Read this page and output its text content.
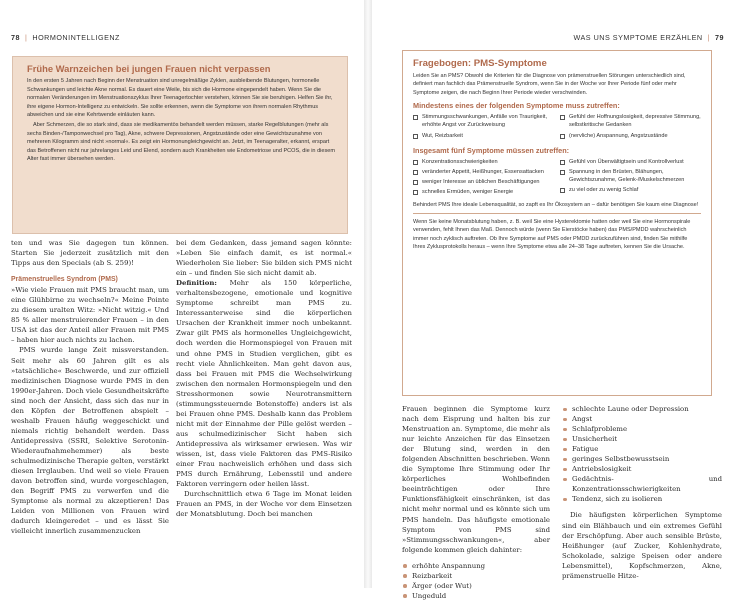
78 | HORMONINTELLIGENZ
Frühe Warnzeichen bei jungen Frauen nicht verpassen

In den ersten 5 Jahren nach Beginn der Menstruation sind unregelmäßige Zyklen, ausbleibende Blutungen, hormonelle Schwankungen und leichte Akne normal. Es dauert eine Weile, bis sich die Hormone eingependelt haben. Wenn Sie die normalen Veränderungen im Menstruationszyklus Ihrer Teenagertochter verstehen, können Sie sie beruhigen. Helfen Sie ihr, ihre eigene Hormon-Intelligenz zu entwickeln. Sie sollte erkennen, wenn die Symptome von ihrem normalen Rhythmus abweichen und sie eine Kehrtwende einläuten kann.

Aber Schmerzen, die so stark sind, dass sie medikamentös behandelt werden müssen, starke Regelblutungen (mehr als sechs Binden-/Tamponwechsel pro Tag), Akne, schwere Depressionen, Angstzustände oder eine Gewichtszunahme von mehreren Kilogramm sind nicht »normal«. Es zeigt ein Hormonungleichgewicht an. Jetzt, im Teenageralter, erkannt, erspart das Betroffenen nicht nur jahrelanges Leid und Elend, sondern auch Krankheiten wie Endometriose und PCOS, die in diesem Alter fast immer übersehen werden.

ten und was Sie dagegen tun können. Starten Sie jederzeit zusätzlich mit den Tipps aus den Specials (ab S. 259)!

Prämenstruelles Syndrom (PMS)

»Wie viele Frauen mit PMS braucht man, um eine Glühbirne zu wechseln?« Meine Pointe zu diesem uralten Witz: »Nicht witzig.« Und 85 % aller menstruierender Frauen – in den USA ist das der Anteil aller Frauen mit PMS – haben hier auch nichts zu lachen.

PMS wurde lange Zeit missverstanden. Seit mehr als 60 Jahren gilt es als »tatsächliche« Beschwerde, und zur offiziell medizinischen Diagnose wurde PMS in den 1990er-Jahren. Doch viele Gesundheitskräfte sind noch der Ansicht, dass sich das nur in den Köpfen der Betroffenen abspielt – weshalb Frauen häufig weggeschickt und niemals richtig behandelt werden. Dass Antidepressiva (SSRI, Selektive Serotonin-Wiederaufnahmehemmer) als beste schulmedizinische Therapie gelten, verstärkt diesen Irrglauben. Und weil so viele Frauen davon betroffen sind, wurde vorgeschlagen, den Begriff PMS zu verwerfen und die Symptome als normal zu akzeptieren! Das Leiden von Millionen von Frauen wird dadurch kleingeredet – und es lässt Sie vielleicht innerlich zusammenzucken

bei dem Gedanken, dass jemand sagen könnte: »Leben Sie einfach damit, es ist normal.« Wiederholen Sie lieber: Sie bilden sich PMS nicht ein – und finden Sie sich nicht damit ab.

Definition: Mehr als 150 körperliche, verhaltensbezogene, emotionale und kognitive Symptome schreibt man PMS zu. Interessanterweise sind die körperlichen Ursachen der Krankheit immer noch unbekannt. Zwar gilt PMS als hormonelles Ungleichgewicht, doch werden die Hormonspiegel von Frauen mit und ohne PMS in Studien verglichen, gibt es recht viele Ähnlichkeiten. Man geht davon aus, dass bei Frauen mit PMS die Wechselwirkung zwischen den normalen Hormonspiegeln und den Stresshormonen sowie Neurotransmittern (stimmungssteuernde Botenstoffe) anders ist als bei Frauen ohne PMS. Deshalb kann das Problem nicht mit der Einnahme der Pille gelöst werden – aus schulmedizinischer Sicht haben sich Antidepressiva als wirksamer erwiesen. Was wir wissen, ist, dass viele Faktoren das PMS-Risiko einer Frau nachweislich erhöhen und dass sich PMS durch Ernährung, Lebensstil und andere Faktoren verringern oder heilen lässt.

Durchschnittlich etwa 6 Tage im Monat leiden Frauen an PMS, in der Woche vor dem Einsetzen der Monatsblutung. Doch bei manchen

WAS UNS SYMPTOME ERZÄHLEN | 79
Fragebogen: PMS-Symptome
Leiden Sie an PMS? Obwohl die Kriterien für die Diagnose von prämenstruellen Störungen unterschiedlich sind, definiert man fachlich das Prämenstruelle Syndrom, wenn Sie in der Woche vor Ihrer Periode fünf oder mehr Symptome zeigen, die nach Beginn Ihrer Periode wieder verschwinden.
Mindestens eines der folgenden Symptome muss zutreffen:
Stimmungsschwankungen, Anfälle von Traurigkeit, erhöhte Angst vor Zurückweisung
Wut, Reizbarkeit
Gefühl der Hoffnungslosigkeit, depressive Stimmung, selbstkritische Gedanken
(nervliche) Anspannung, Angstzustände
Insgesamt fünf Symptome müssen zutreffen:
Konzentrationsschwierigkeiten
veränderter Appetit, Heißhunger, Essensattacken
weniger Interesse an üblichen Beschäftigungen
schnelles Ermüden, weniger Energie
Gefühl von Überwältigtsein und Kontrollverlust
Spannung in den Brüsten, Blähungen, Gewichtszunahme, Gelenk-/Muskelschmerzen
zu viel oder zu wenig Schlaf
Behindert PMS Ihre ideale Lebensqualität, so zapft es Ihr Ökosystem an – dafür benötigen Sie kaum eine Diagnose!
Wenn Sie keine Monatsblutung haben, z. B. weil Sie eine Hysterektomie hatten oder weil Sie eine Hormonspirale verwenden, fehlt Ihnen das Maß. Dennoch würde (wenn Sie Eierstöcke haben) das PMS/PMDD wahrscheinlich immer noch zyklisch auftreten. Ob Ihre Symptome auf PMS oder PMDD zurückzuführen sind, finden Sie mithilfe Ihres Zyklusprotokolls heraus – wenn Ihre Symptome etwa alle 24–38 Tage auftreten, kennen Sie die Ursache.

Frauen beginnen die Symptome kurz nach dem Eisprung und halten bis zur Menstruation an. Symptome, die mehr als nur leichte Anzeichen für das Einsetzen der Blutung sind, werden in den folgenden Abschnitten beschrieben. Wenn die Symptome Ihre Stimmung oder Ihr körperliches Wohlbefinden beeinträchtigen oder Ihre Funktionsfähigkeit einschränken, ist das nicht mehr normal und es könnte sich um PMS handeln. Das häufigste emotionale Symptom von PMS sind »Stimmungsschwankungen«, aber folgende kommen gleich dahinter:

erhöhte Anspannung
Reizbarkeit
Ärger (oder Wut)
Ungeduld
schlechte Laune oder Depression
Angst
Schlafprobleme
Unsicherheit
Fatigue
geringes Selbstbewusstsein
Antriebslosigkeit
Gedächtnis- und Konzentrationsschwierigkeiten
Tendenz, sich zu isolieren

Die häufigsten körperlichen Symptome sind ein Blähbauch und ein extremes Gefühl der Erschöpfung. Aber auch sensible Brüste, Heißhunger (auf Zucker, Kohlenhydrate, Schokolade, salzige Speisen oder andere Lebensmittel), Kopfschmerzen, Akne, prämenstruelle Hitze-
